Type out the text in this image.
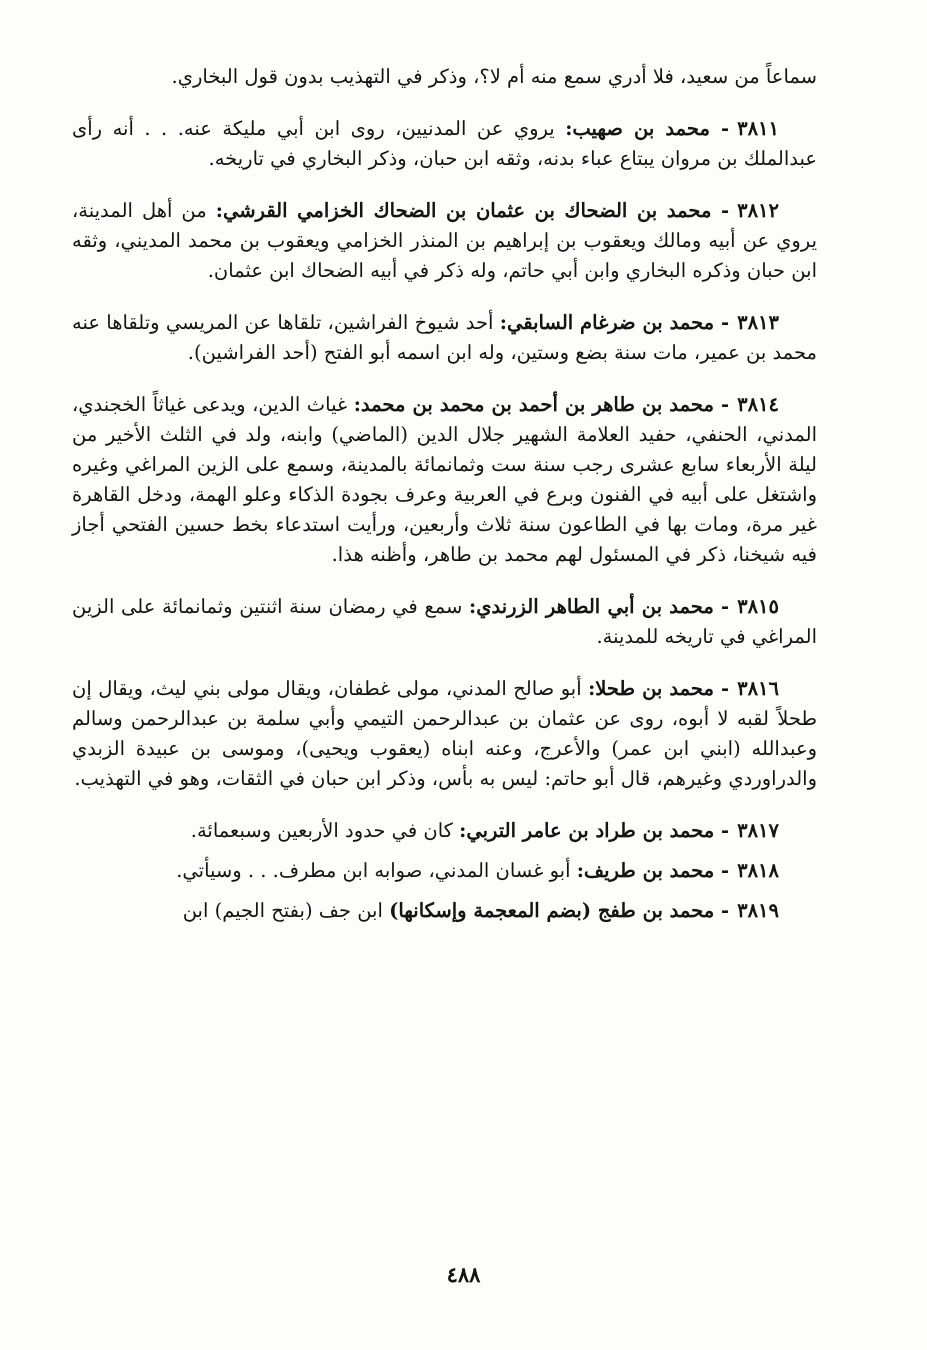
سماعاً من سعيد، فلا أدري سمع منه أم لا؟، وذكر في التهذيب بدون قول البخاري.

٣٨١١- محمد بن صهيب: يروي عن المدنيين، روى ابن أبي مليكة عنه. . . أنه رأى عبدالملك بن مروان يبتاع عباء بدنه، وثقه ابن حبان، وذكر البخاري في تاريخه.

٣٨١٢- محمد بن الضحاك بن عثمان بن الضحاك الخزامي القرشي: من أهل المدينة، يروي عن أبيه ومالك ويعقوب بن إبراهيم بن المنذر الخزامي ويعقوب بن محمد المديني، وثقه ابن حبان وذكره البخاري وابن أبي حاتم، وله ذكر في أبيه الضحاك ابن عثمان.

٣٨١٣- محمد بن ضرغام السابقي: أحد شيوخ الفراشين، تلقاها عن المريسي وتلقاها عنه محمد بن عمير، مات سنة بضع وستين، وله ابن اسمه أبو الفتح (أحد الفراشين).

٣٨١٤- محمد بن طاهر بن أحمد بن محمد بن محمد: غياث الدين، ويدعى غياثاً الخجندي، المدني، الحنفي، حفيد العلامة الشهير جلال الدين (الماضي) وابنه، ولد في الثلث الأخير من ليلة الأربعاء سابع عشرى رجب سنة ست وثمانمائة بالمدينة، وسمع على الزين المراغي وغيره واشتغل على أبيه في الفنون وبرع في العربية وعرف بجودة الذكاء وعلو الهمة، ودخل القاهرة غير مرة، ومات بها في الطاعون سنة ثلاث وأربعين، ورأيت استدعاء بخط حسين الفتحي أجاز فيه شيخنا، ذكر في المسئول لهم محمد بن طاهر، وأظنه هذا.

٣٨١٥- محمد بن أبي الطاهر الزرندي: سمع في رمضان سنة اثنتين وثمانمائة على الزين المراغي في تاريخه للمدينة.

٣٨١٦- محمد بن طحلا: أبو صالح المدني، مولى غطفان، ويقال مولى بني ليث، ويقال إن طحلاً لقبه لا أبوه، روى عن عثمان بن عبدالرحمن التيمي وأبي سلمة بن عبدالرحمن وسالم وعبدالله (ابني ابن عمر) والأعرج، وعنه ابناه (يعقوب ويحيى)، وموسى بن عبيدة الزبدي والدراوردي وغيرهم، قال أبو حاتم: ليس به بأس، وذكر ابن حبان في الثقات، وهو في التهذيب.

٣٨١٧- محمد بن طراد بن عامر التربي: كان في حدود الأربعين وسبعمائة.

٣٨١٨- محمد بن طريف: أبو غسان المدني، صوابه ابن مطرف. . . وسيأتي.

٣٨١٩- محمد بن طفج (بضم المعجمة وإسكانها) ابن جف (بفتح الجيم) ابن

٤٨٨
